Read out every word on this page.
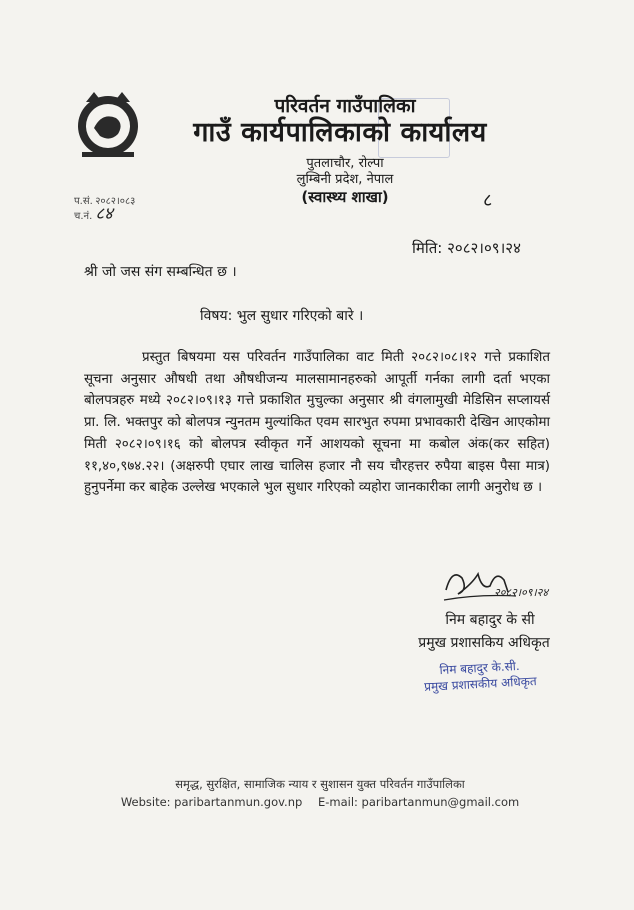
परिवर्तन गाउँपालिका
गाउँ कार्यपालिकाको कार्यालय
पुतलाचौर, रोल्पा
लुम्बिनी प्रदेश, नेपाल
(स्वास्थ्य शाखा)	८
प.सं. २०८२।०८३
च.नं. ८४
मिति: २०८२।०९।२४
श्री जो जस संग सम्बन्धित छ ।
विषय: भुल सुधार गरिएको बारे ।

प्रस्तुत बिषयमा यस परिवर्तन गाउँपालिका वाट मिती २०८२।०८।१२ गत्ते प्रकाशित सूचना अनुसार औषधी तथा औषधीजन्य मालसामानहरुको आपूर्ती गर्नका लागी दर्ता भएका बोलपत्रहरु मध्ये २०८२।०९।१३ गत्ते प्रकाशित मुचुल्का अनुसार श्री वंगलामुखी मेडिसिन सप्लायर्स प्रा. लि. भक्तपुर को बोलपत्र न्युनतम मुल्यांकित एवम सारभुत रुपमा प्रभावकारी देखिन आएकोमा मिती २०८२।०९।१६ को बोलपत्र स्वीकृत गर्ने आशयको सूचना मा कबोल अंक(कर सहित) ११,४०,९७४.२२। (अक्षरुपी एघार लाख चालिस हजार नौ सय चौरहत्तर रुपैया बाइस पैसा मात्र) हुनुपर्नेमा कर बाहेक उल्लेख भएकाले भुल सुधार गरिएको व्यहोरा जानकारीका लागी अनुरोध छ ।

२०८२।०९।२४
निम बहादुर के सी
प्रमुख प्रशासकिय अधिकृत
निम बहादुर के.सी.
प्रमुख प्रशासकीय अधिकृत
समृद्ध, सुरक्षित, सामाजिक न्याय र सुशासन युक्त परिवर्तन गाउँपालिका
Website: paribartanmun.gov.np E-mail: paribartanmun@gmail.com
